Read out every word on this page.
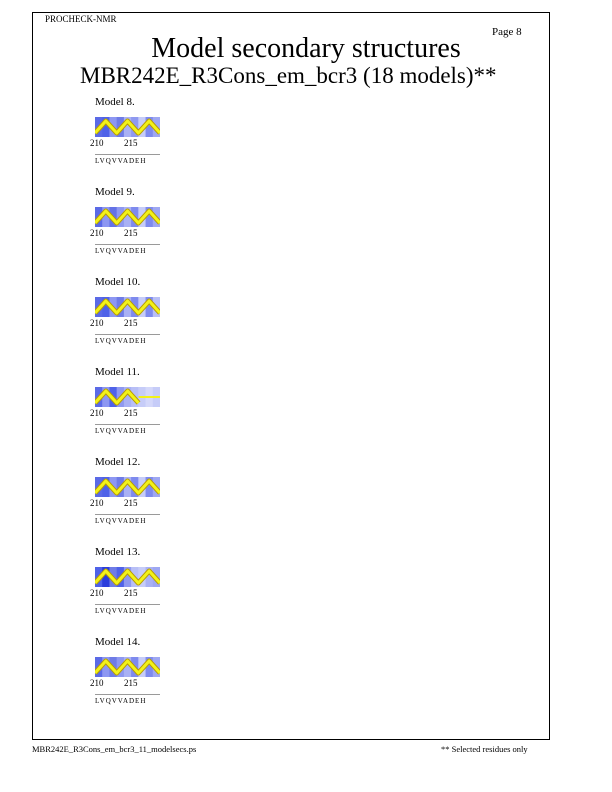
PROCHECK-NMR
Page 8
Model secondary structures
MBR242E_R3Cons_em_bcr3 (18 models)**
Model 8.
210 215
LVQVVADEH
Model 9.
210 215
LVQVVADEH
Model 10.
210 215
LVQVVADEH
Model 11.
210 215
LVQVVADEH
Model 12.
210 215
LVQVVADEH
Model 13.
210 215
LVQVVADEH
Model 14.
210 215
LVQVVADEH
MBR242E_R3Cons_em_bcr3_11_modelsecs.ps	** Selected residues only
